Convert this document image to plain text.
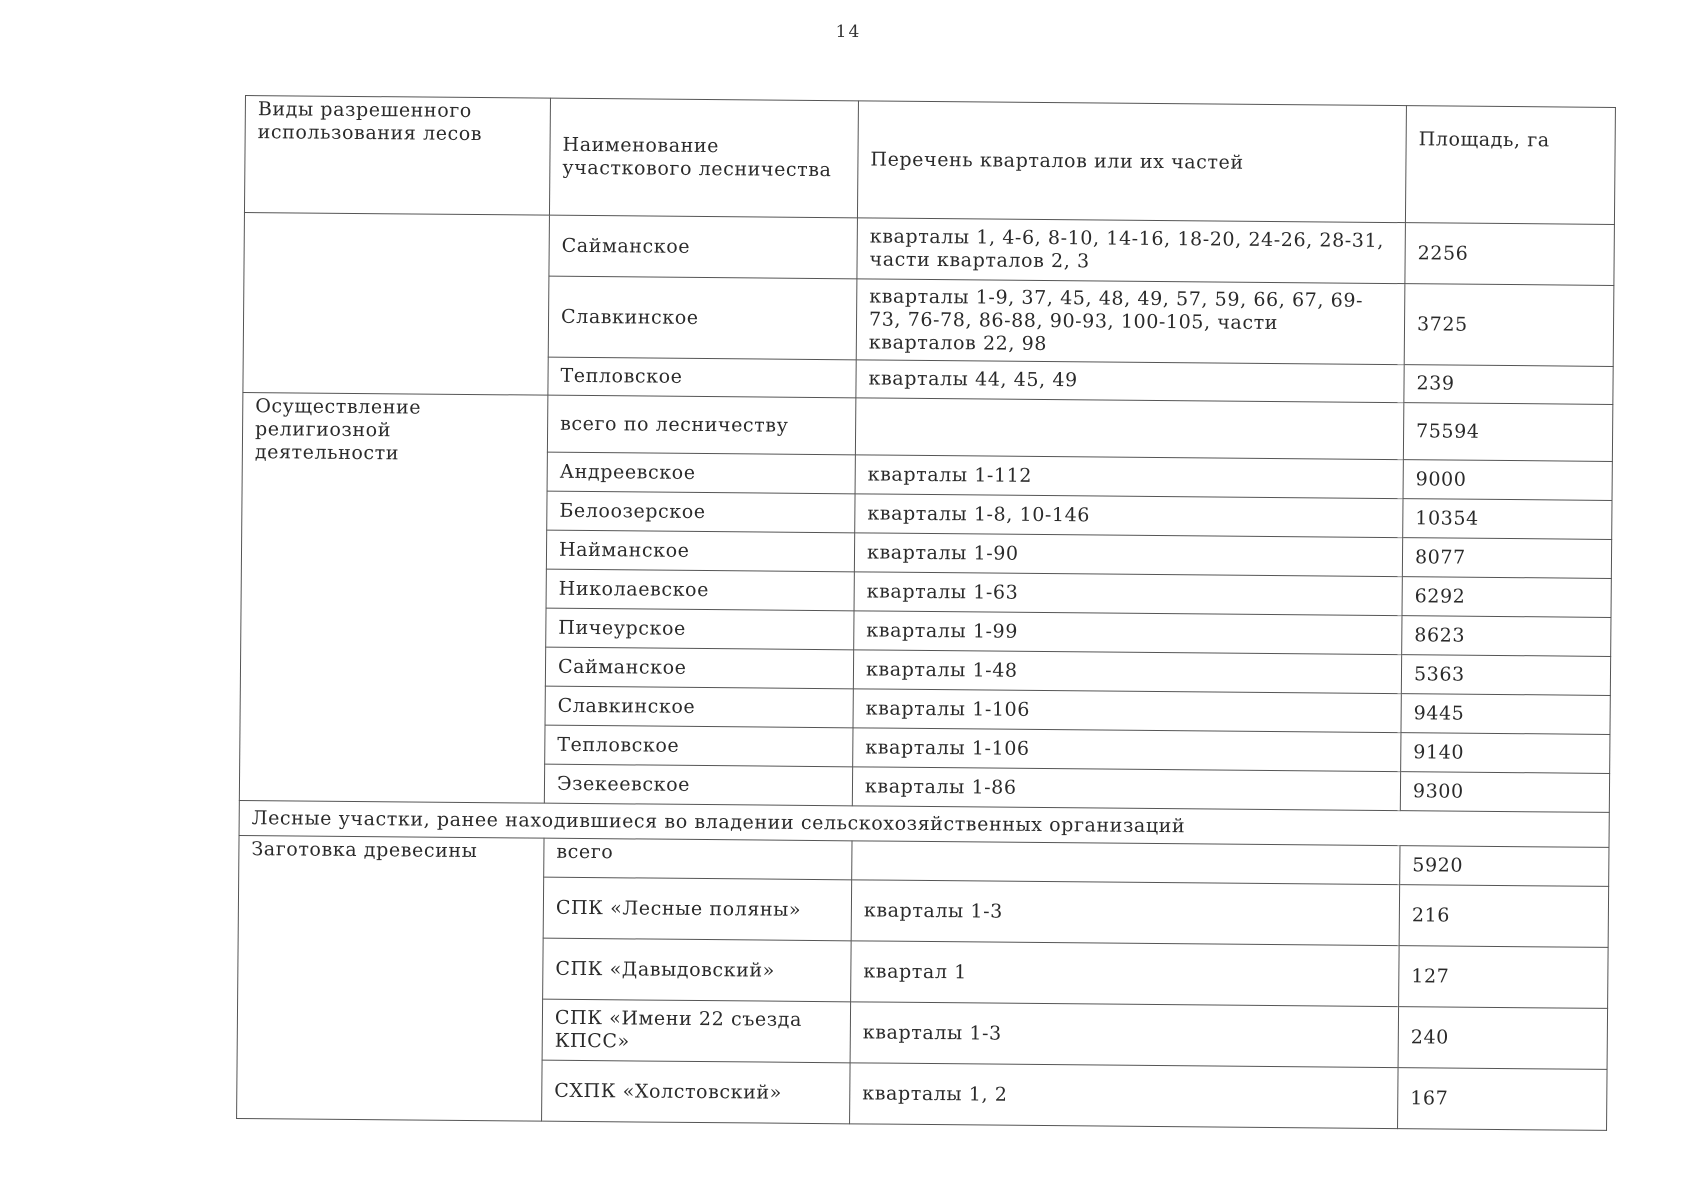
14
Виды разрешенного использования лесов	Наименование участкового лесничества	Перечень кварталов или их частей	Площадь, га
	Сайманское	кварталы 1, 4-6, 8-10, 14-16, 18-20, 24-26, 28-31, части кварталов 2, 3	2256
	Славкинское	кварталы 1-9, 37, 45, 48, 49, 57, 59, 66, 67, 69-73, 76-78, 86-88, 90-93, 100-105, части кварталов 22, 98	3725
	Тепловское	кварталы 44, 45, 49	239
Осуществление религиозной деятельности	всего по лесничеству		75594
	Андреевское	кварталы 1-112	9000
	Белоозерское	кварталы 1-8, 10-146	10354
	Найманское	кварталы 1-90	8077
	Николаевское	кварталы 1-63	6292
	Пичеурское	кварталы 1-99	8623
	Сайманское	кварталы 1-48	5363
	Славкинское	кварталы 1-106	9445
	Тепловское	кварталы 1-106	9140
	Эзекеевское	кварталы 1-86	9300
Лесные участки, ранее находившиеся во владении сельскохозяйственных организаций			
Заготовка древесины	всего		5920
	СПК «Лесные поляны»	кварталы 1-3	216
	СПК «Давыдовский»	квартал 1	127
	СПК «Имени 22 съезда КПСС»	кварталы 1-3	240
	СХПК «Холстовский»	кварталы 1, 2	167
